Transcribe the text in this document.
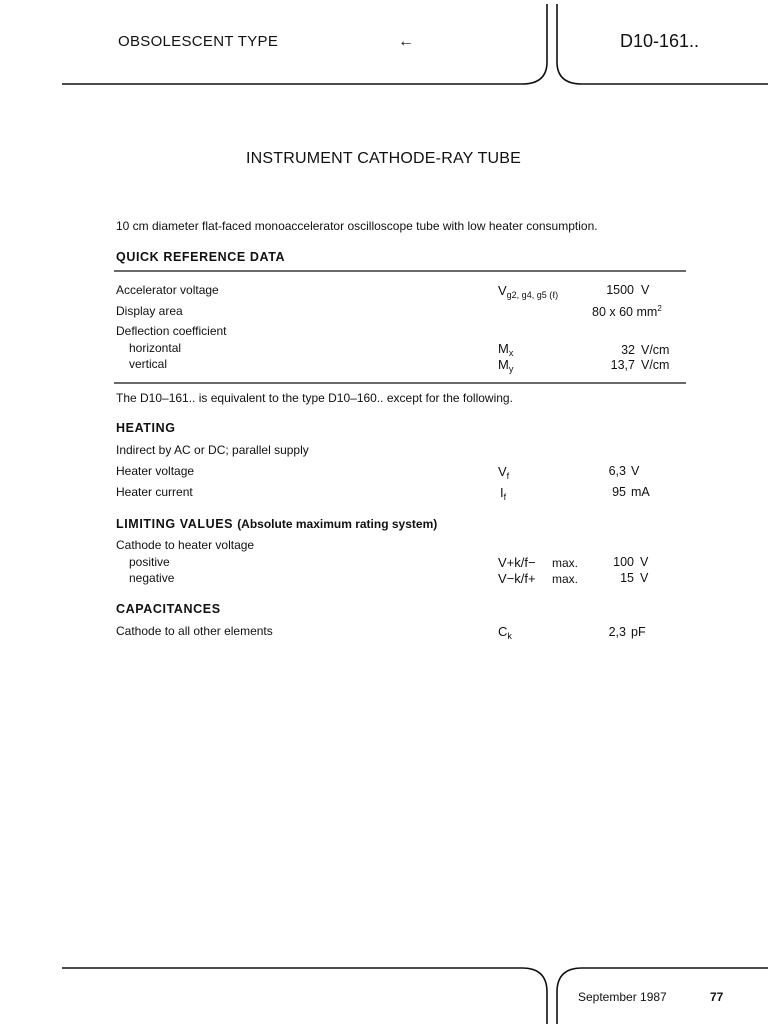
OBSOLESCENT TYPE	←	D10-161..
INSTRUMENT CATHODE-RAY TUBE
10 cm diameter flat-faced monoaccelerator oscilloscope tube with low heater consumption.
QUICK REFERENCE DATA
Accelerator voltage	$V_{g2, g4, g5 (\ell)}$	1500 V
Display area	80 x 60 $mm^2$
Deflection coefficient
horizontal	$M_x$	32 V/cm
vertical	$M_y$	13,7 V/cm
The D10–161.. is equivalent to the type D10–160.. except for the following.
HEATING
Indirect by AC or DC; parallel supply
Heater voltage	$V_f$	6,3 V
Heater current	$I_f$	95 mA
LIMITING VALUES (Absolute maximum rating system)
Cathode to heater voltage
positive	V+k/f− max.	100 V
negative	V−k/f+ max.	15 V
CAPACITANCES
Cathode to all other elements	$C_k$	2,3 pF
September 1987	77
